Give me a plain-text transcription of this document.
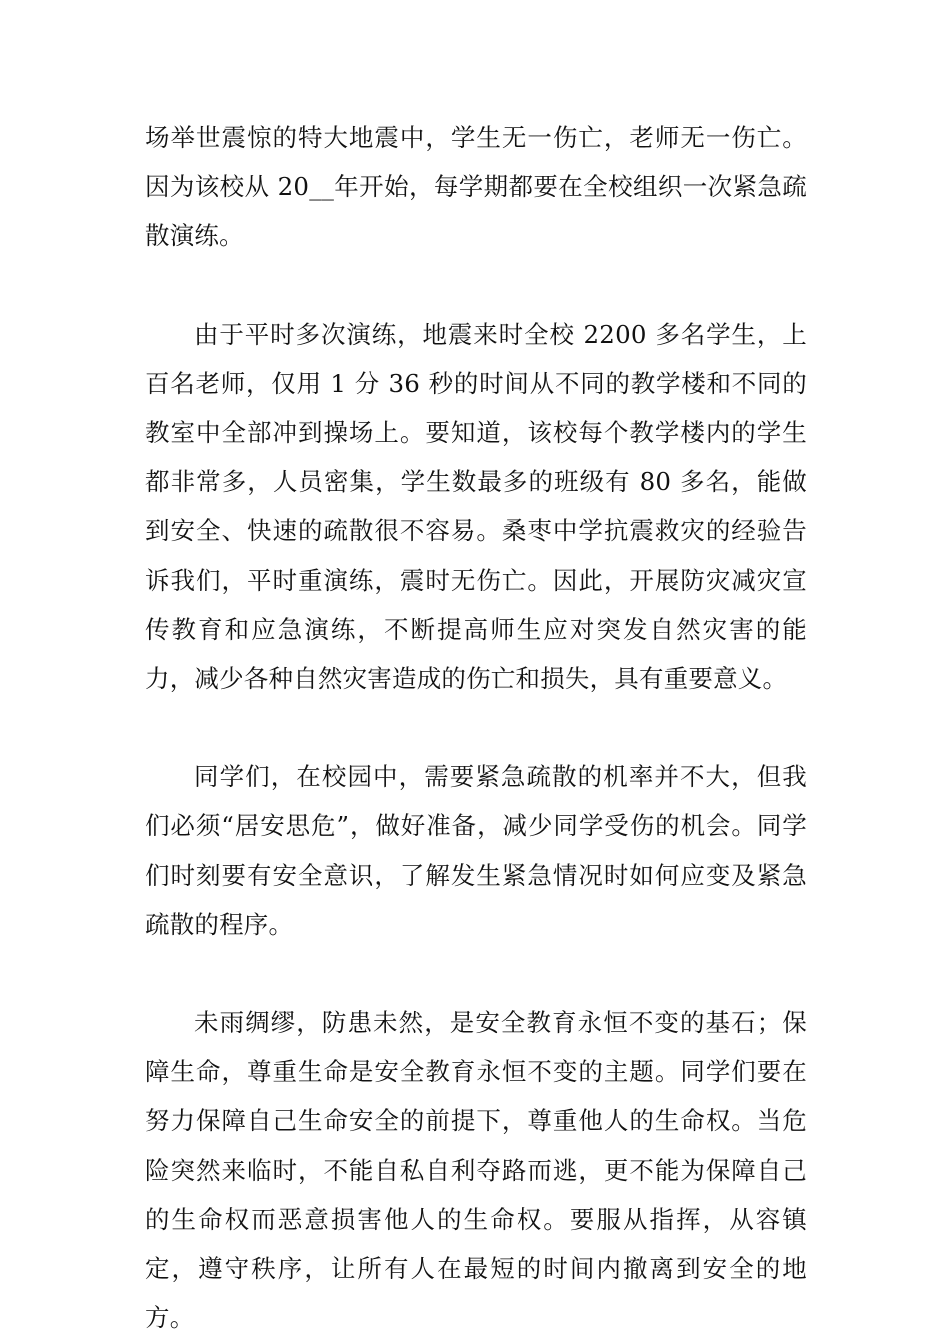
场举世震惊的特大地震中，学生无一伤亡，老师无一伤亡。因为该校从 20__年开始，每学期都要在全校组织一次紧急疏散演练。

由于平时多次演练，地震来时全校 2200 多名学生，上百名老师，仅用 1 分 36 秒的时间从不同的教学楼和不同的教室中全部冲到操场上。要知道，该校每个教学楼内的学生都非常多，人员密集，学生数最多的班级有 80 多名，能做到安全、快速的疏散很不容易。桑枣中学抗震救灾的经验告诉我们，平时重演练，震时无伤亡。因此，开展防灾减灾宣传教育和应急演练，不断提高师生应对突发自然灾害的能力，减少各种自然灾害造成的伤亡和损失，具有重要意义。

同学们，在校园中，需要紧急疏散的机率并不大，但我们必须“居安思危”，做好准备，减少同学受伤的机会。同学们时刻要有安全意识，了解发生紧急情况时如何应变及紧急疏散的程序。

未雨绸缪，防患未然，是安全教育永恒不变的基石；保障生命，尊重生命是安全教育永恒不变的主题。同学们要在努力保障自己生命安全的前提下，尊重他人的生命权。当危险突然来临时，不能自私自利夺路而逃，更不能为保障自己的生命权而恶意损害他人的生命权。要服从指挥，从容镇定，遵守秩序，让所有人在最短的时间内撤离到安全的地方。
